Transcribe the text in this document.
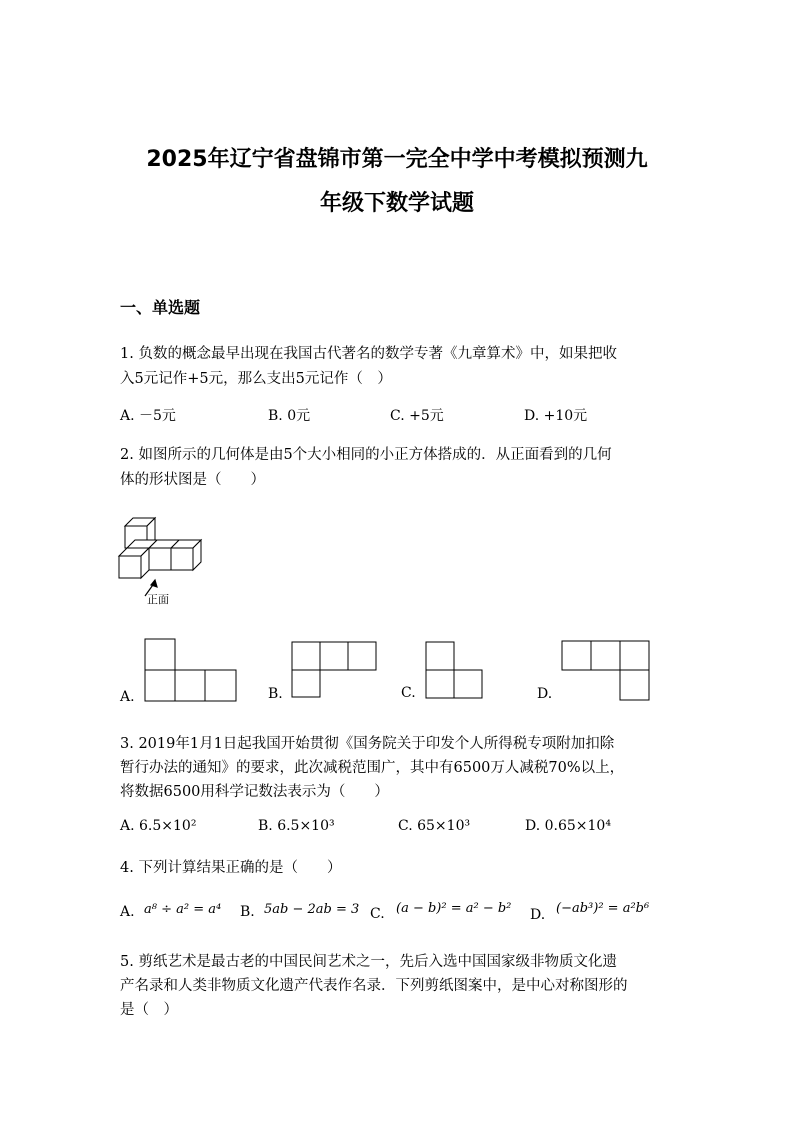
2025年辽宁省盘锦市第一完全中学中考模拟预测九
年级下数学试题
一、单选题
1. 负数的概念最早出现在我国古代著名的数学专著《九章算术》中，如果把收
入5元记作+5元，那么支出5元记作（　）
A. －5元	B. 0元	C. +5元	D. +10元
2. 如图所示的几何体是由5个大小相同的小正方体搭成的．从正面看到的几何
体的形状图是（　　）
正面
A.	B.	C.	D.
3. 2019年1月1日起我国开始贯彻《国务院关于印发个人所得税专项附加扣除
暂行办法的通知》的要求，此次减税范围广，其中有6500万人减税70%以上，
将数据6500用科学记数法表示为（　　）
A. 6.5×10²	B. 6.5×10³	C. 65×10³	D. 0.65×10⁴
4. 下列计算结果正确的是（　　）
A. a⁸ ÷ a² = a⁴ B. 5ab − 2ab = 3 C. (a − b)² = a² − b² D. (−ab³)² = a²b⁶
5. 剪纸艺术是最古老的中国民间艺术之一，先后入选中国国家级非物质文化遗
产名录和人类非物质文化遗产代表作名录．下列剪纸图案中，是中心对称图形的
是（　）
